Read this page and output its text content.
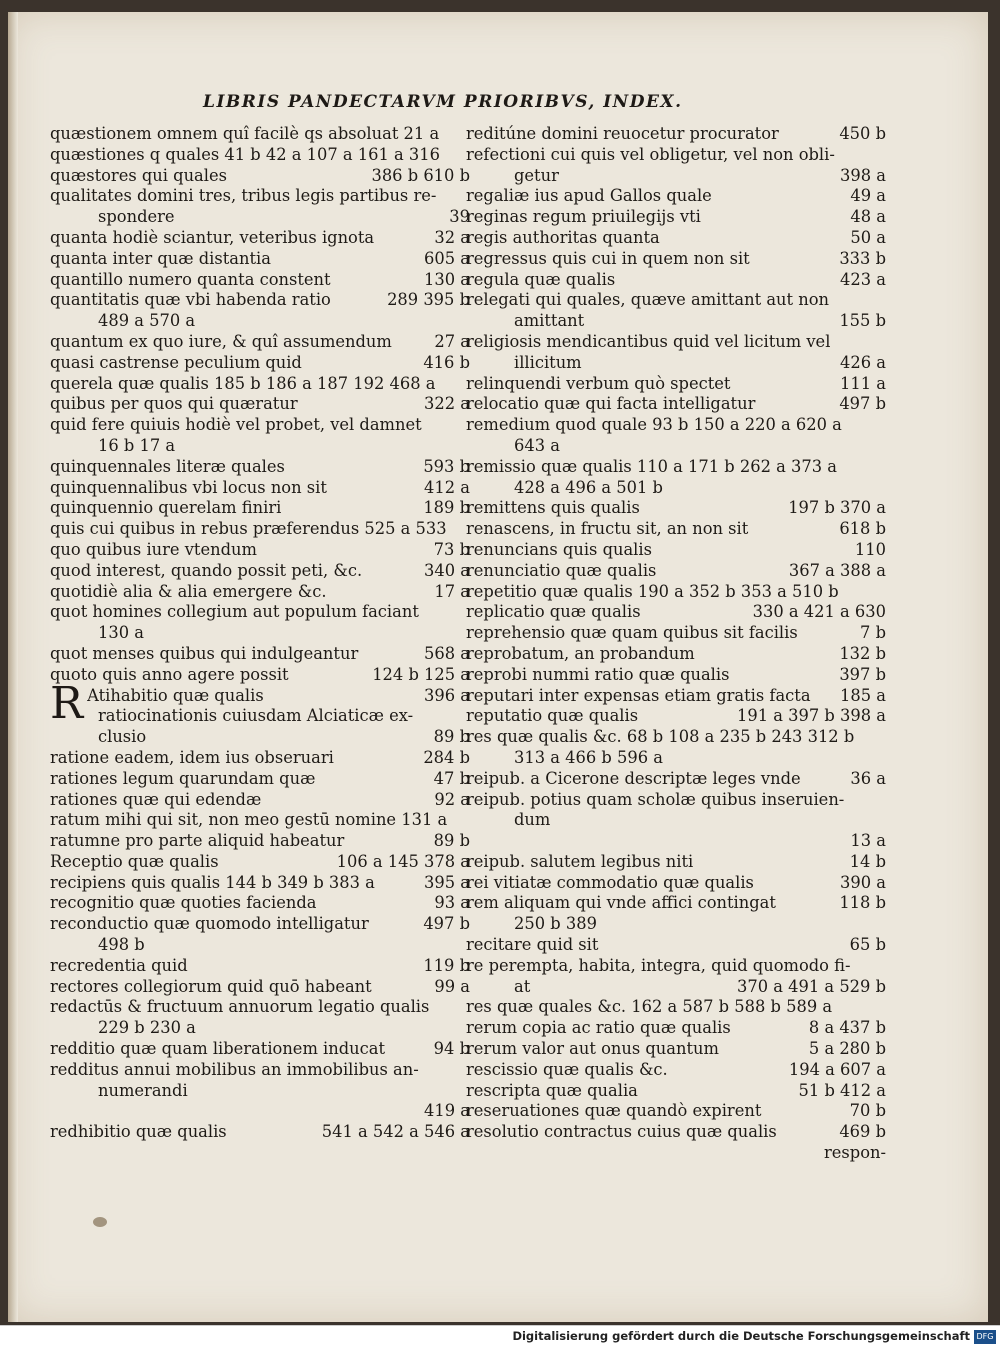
LIBRIS PANDECTARVM PRIORIBVS, INDEX.
quæstionem omnem quî facilè qs absoluat 21 a
quæstiones q quales 41 b 42 a 107 a 161 a 316
quæstores qui quales	386 b 610 b
qualitates domini tres, tribus legis partibus re-
spondere	39
quanta hodiè sciantur, veteribus ignota	32 a
quanta inter quæ distantia	605 a
quantillo numero quanta constent	130 a
quantitatis quæ vbi habenda ratio	289 395 b
489 a 570 a
quantum ex quo iure, & quî assumendum	27 a
quasi castrense peculium quid	416 b
querela quæ qualis 185 b 186 a 187 192 468 a
quibus per quos qui quæratur	322 a
quid fere quiuis hodiè vel probet, vel damnet
16 b 17 a
quinquennales literæ quales	593 b
quinquennalibus vbi locus non sit	412 a
quinquennio querelam finiri	189 b
quis cui quibus in rebus præferendus 525 a 533
quo quibus iure vtendum	73 b
quod interest, quando possit peti, &c.	340 a
quotidiè alia & alia emergere &c.	17 a
quot homines collegium aut populum faciant
130 a
quot menses quibus qui indulgeantur	568 a
quoto quis anno agere possit	124 b 125 a
R Atihabitio quæ qualis	396 a
ratiocinationis cuiusdam Alciaticæ ex-
clusio	89 b
ratione eadem, idem ius obseruari	284 b
rationes legum quarundam quæ	47 b
rationes quæ qui edendæ	92 a
ratum mihi qui sit, non meo gestū nomine 131 a
ratumne pro parte aliquid habeatur	89 b
Receptio quæ qualis	106 a 145 378 a
recipiens quis qualis 144 b 349 b 383 a	395 a
recognitio quæ quoties facienda	93 a
reconductio quæ quomodo intelligatur	497 b
498 b
recredentia quid	119 b
rectores collegiorum quid quō habeant	99 a
redactūs & fructuum annuorum legatio qualis
229 b 230 a
redditio quæ quam liberationem inducat	94 b
redditus annui mobilibus an immobilibus an-
numerandi
419 a
redhibitio quæ qualis	541 a 542 a 546 a
reditúne domini reuocetur procurator	450 b
refectioni cui quis vel obligetur, vel non obli-
getur	398 a
regaliæ ius apud Gallos quale	49 a
reginas regum priuilegijs vti	48 a
regis authoritas quanta	50 a
regressus quis cui in quem non sit	333 b
regula quæ qualis	423 a
relegati qui quales, quæve amittant aut non
amittant	155 b
religiosis mendicantibus quid vel licitum vel
illicitum	426 a
relinquendi verbum quò spectet	111 a
relocatio quæ qui facta intelligatur	497 b
remedium quod quale 93 b 150 a 220 a 620 a
643 a
remissio quæ qualis 110 a 171 b 262 a 373 a
428 a 496 a 501 b
remittens quis qualis	197 b 370 a
renascens, in fructu sit, an non sit	618 b
renuncians quis qualis	110
renunciatio quæ qualis	367 a 388 a
repetitio quæ qualis 190 a 352 b 353 a 510 b
replicatio quæ qualis	330 a 421 a 630
reprehensio quæ quam quibus sit facilis	7 b
reprobatum, an probandum	132 b
reprobi nummi ratio quæ qualis	397 b
reputari inter expensas etiam gratis facta 185 a
reputatio quæ qualis	191 a 397 b 398 a
res quæ qualis &c. 68 b 108 a 235 b 243 312 b
313 a 466 b 596 a
reipub. a Cicerone descriptæ leges vnde	36 a
reipub. potius quam scholæ quibus inseruien-
dum
13 a
reipub. salutem legibus niti	14 b
rei vitiatæ commodatio quæ qualis	390 a
rem aliquam qui vnde affici contingat	118 b
250 b 389
recitare quid sit	65 b
re perempta, habita, integra, quid quomodo fi-
at	370 a 491 a 529 b
res quæ quales &c. 162 a 587 b 588 b 589 a
rerum copia ac ratio quæ qualis	8 a 437 b
rerum valor aut onus quantum	5 a 280 b
rescissio quæ qualis &c.	194 a 607 a
rescripta quæ qualia	51 b 412 a
reseruationes quæ quandò expirent	70 b
resolutio contractus cuius quæ qualis	469 b
respon-
Digitalisierung gefördert durch die Deutsche Forschungsgemeinschaft DFG
